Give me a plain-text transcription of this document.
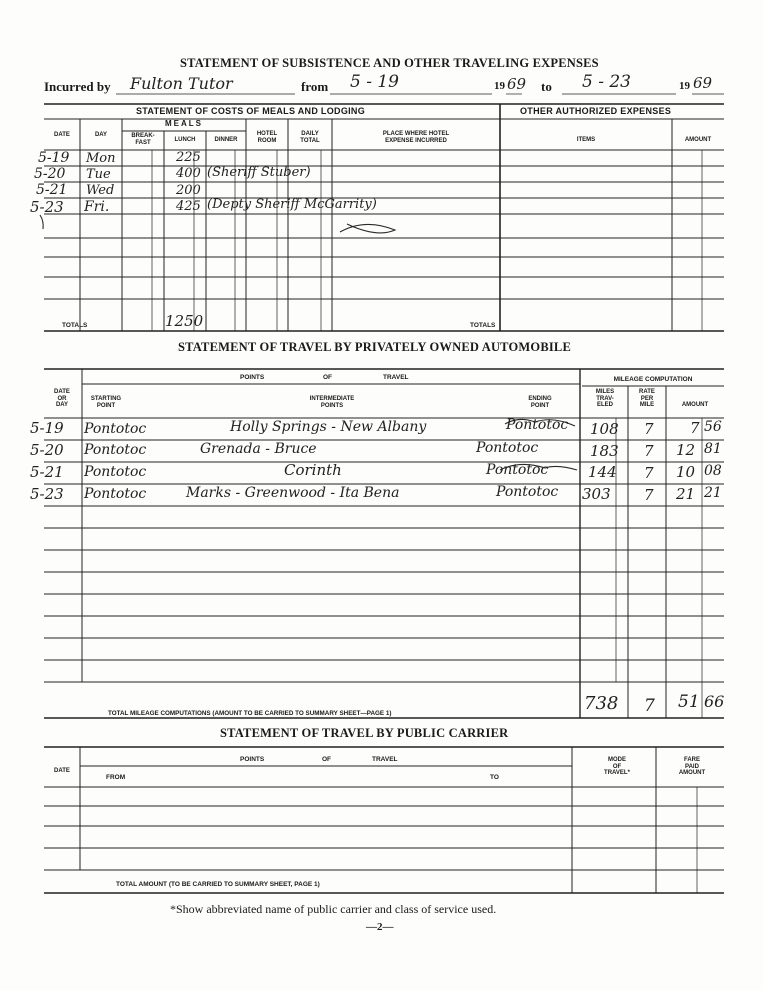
STATEMENT OF SUBSISTENCE AND OTHER TRAVELING EXPENSES
Incurred by Fulton Tutor	from 5 - 19	19 69 to 5 - 23	19 69
STATEMENT OF COSTS OF MEALS AND LODGING	OTHER AUTHORIZED EXPENSES
DATE	DAY
MEALS
BREAK-
FAST	LUNCH	DINNER
HOTEL
ROOM
DAILY
TOTAL
PLACE WHERE HOTEL
EXPENSE INCURRED	ITEMS	AMOUNT
5-19 Mon	225
5-20 Tue	400 (Sheriff Stuber)
5-21 Wed	200
5-23 Fri.	425 (Depty Sheriff McGarrity)
TOTALS	1250	TOTALS
STATEMENT OF TRAVEL BY PRIVATELY OWNED AUTOMOBILE
POINTS	OF	TRAVEL
DATE
OR
DAY
STARTING
POINT
INTERMEDIATE
POINTS
ENDING
POINT
MILEAGE COMPUTATION
MILES
TRAV-
ELED
RATE
PER
MILE	AMOUNT
5-19 Pontotoc	Holly Springs - New Albany	Pontotoc 108 7 7 56
5-20 Pontotoc	Grenada - Bruce	Pontotoc	183 7 12 81
5-21 Pontotoc	Corinth	Pontotoc	144 7 10 08
5-23 Pontotoc	Marks - Greenwood - Ita Bena	Pontotoc 303 7 21 21
TOTAL MILEAGE COMPUTATIONS (AMOUNT TO BE CARRIED TO SUMMARY SHEET—PAGE 1)	738 7 51 66
STATEMENT OF TRAVEL BY PUBLIC CARRIER
DATE
POINTS	OF	TRAVEL
FROM	TO
MODE
OF
TRAVEL*
FARE
PAID
AMOUNT
TOTAL AMOUNT (TO BE CARRIED TO SUMMARY SHEET, PAGE 1)
*Show abbreviated name of public carrier and class of service used.
—2—
